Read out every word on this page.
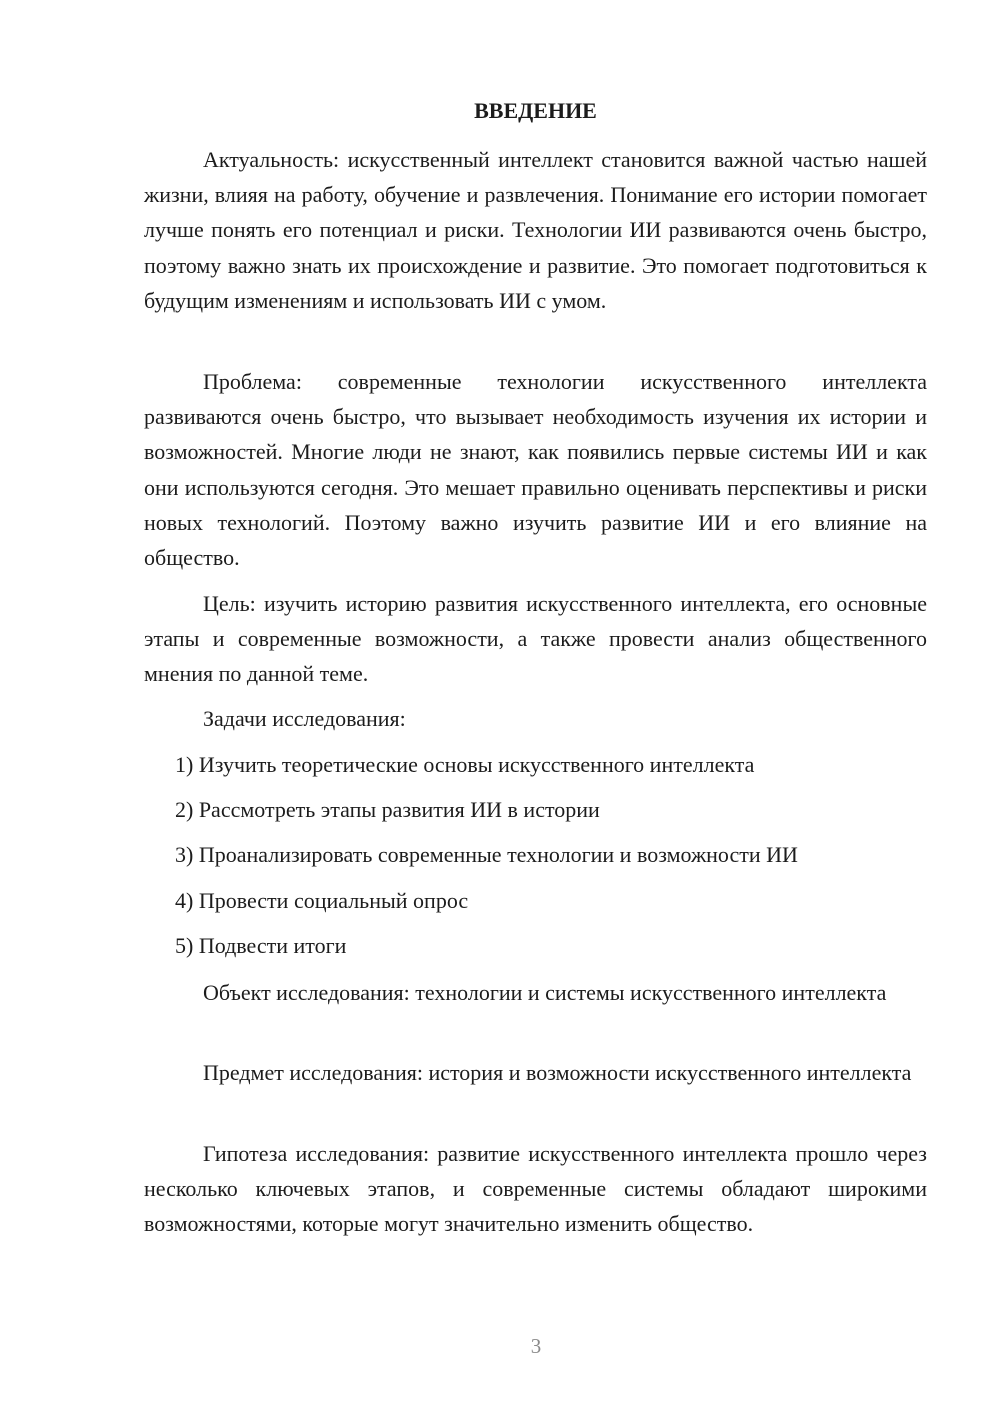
ВВЕДЕНИЕ

Актуальность: искусственный интеллект становится важной частью нашей жизни, влияя на работу, обучение и развлечения. Понимание его истории помогает лучше понять его потенциал и риски. Технологии ИИ развиваются очень быстро, поэтому важно знать их происхождение и развитие. Это помогает подготовиться к будущим изменениям и использовать ИИ с умом.

Проблема: современные технологии искусственного интеллекта развиваются очень быстро, что вызывает необходимость изучения их истории и возможностей. Многие люди не знают, как появились первые системы ИИ и как они используются сегодня. Это мешает правильно оценивать перспективы и риски новых технологий. Поэтому важно изучить развитие ИИ и его влияние на общество.

Цель: изучить историю развития искусственного интеллекта, его основные этапы и современные возможности, а также провести анализ общественного мнения по данной теме.

Задачи исследования:
1) Изучить теоретические основы искусственного интеллекта
2) Рассмотреть этапы развития ИИ в истории
3) Проанализировать современные технологии и возможности ИИ
4) Провести социальный опрос
5) Подвести итоги

Объект исследования: технологии и системы искусственного интеллекта

Предмет исследования: история и возможности искусственного интеллекта

Гипотеза исследования: развитие искусственного интеллекта прошло через несколько ключевых этапов, и современные системы обладают широкими возможностями, которые могут значительно изменить общество.

3
